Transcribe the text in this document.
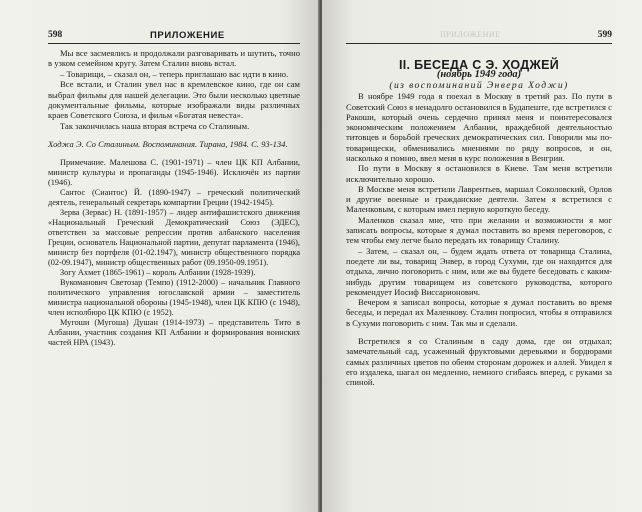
598	ПРИЛОЖЕНИЕ

Мы все засмеялись и продолжали разговаривать и шутить, точно в узком семейном кругу. Затем Сталин вновь встал.

– Товарищи, – сказал он, – теперь приглашаю вас идти в кино.

Все встали, и Сталин увел нас в кремлевское кино, где он сам выбрал фильмы для нашей делегации. Это были несколько цветные документальные фильмы, которые изображали виды различных краев Советского Союза, и фильм «Богатая невеста».

Так закончилась наша вторая встреча со Сталиным.

Ходжа Э. Со Сталиным. Воспоминания. Тирана, 1984. С. 93-134.

Примечание. Малешова С. (1901-1971) – член ЦК КП Албании, министр культуры и пропаганды (1945-1946). Исключён из партии (1946).

Сантос (Сиантос) Й. (1890-1947) – греческий политический деятель, генеральный секретарь компартии Греции (1942-1945).

Зерва (Зервас) Н. (1891-1957) – лидер антифашистского движения «Национальный Греческий Демократический Союз (ЭДЕС), ответствен за массовые репрессии против албанского населения Греции, основатель Национальной партии, депутат парламента (1946), министр без портфеля (01-02.1947), министр общественного порядка (02-09.1947), министр общественных работ (09.1950-09.1951).

Зогу Ахмет (1865-1961) – король Албании (1928-1939).

Вукоманович Светозар (Темпо) (1912-2000) – начальник Главного политического управления югославской армии – заместитель министра национальной обороны (1945-1948), член ЦК КПЮ (с 1948), член исполбюро ЦК КПЮ (с 1952).

Мугоши (Мугоша) Душан (1914-1973) – представитель Тито в Албании, участник создания КП Албании и формирования воинских частей НРА (1943).

ПРИЛОЖЕНИЕ	599

II. БЕСЕДА С Э. ХОДЖЕЙ

(ноябрь 1949 года)

(из воспоминаний Энвера Ходжи)

В ноябре 1949 года я поехал в Москву в третий раз. По пути в Советский Союз я ненадолго остановился в Будапеште, где встретился с Ракоши, который очень сердечно принял меня и поинтересовался экономическим положением Албании, враждебной деятельностью титовцев и борьбой греческих демократических сил. Говорили мы по-товарищески, обменивались мнениями по ряду вопросов, и он, насколько я помню, ввел меня в курс положения в Венгрии.

По пути в Москву я остановился в Киеве. Там меня встретили исключительно хорошо.

В Москве меня встретили Лаврентьев, маршал Соколовский, Орлов и другие военные и гражданские деятели. Затем я встретился с Маленковым, с которым имел первую короткую беседу.

Маленков сказал мне, что при желании и возможности я мог записать вопросы, которые я думал поставить во время переговоров, с тем чтобы ему легче было передать их товарищу Сталину.

– Затем, – сказал он, – будем ждать ответа от товарища Сталина, поедете ли вы, товарищ Энвер, в город Сухуми, где он находится для отдыха, лично поговорить с ним, или же вы будете беседовать с каким-нибудь другим товарищем из советского руководства, которого рекомендует Иосиф Виссарионович.

Вечером я записал вопросы, которые я думал поставить во время беседы, и передал их Маленкову. Сталин попросил, чтобы я отправился в Сухуми поговорить с ним. Так мы и сделали.

Встретился я со Сталиным в саду дома, где он отдыхал; замечательный сад, усаженный фруктовыми деревьями и бордюрами самых различных цветов по обеим сторонам дорожек и аллей. Увидел я его издалека, шагал он медленно, немного сгибаясь вперед, с руками за спиной.
